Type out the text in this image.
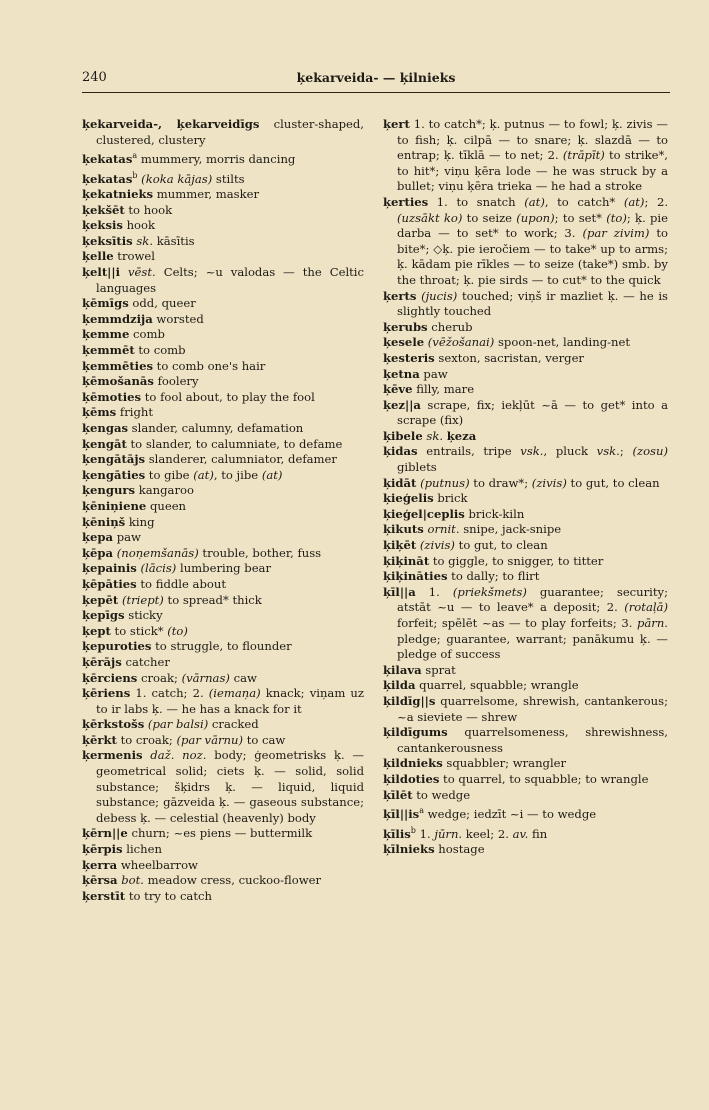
240	ķekarveida- — ķilnieks

ķekarveida-, ķekarveidīgs cluster-shaped, clustered, clustery

ķekatas$^a$ mummery, morris dancing

ķekatas$^b$ (koka kājas) stilts

ķekatnieks mummer, masker

ķekšēt to hook

ķeksis hook

ķeksītis sk. kāsītis

ķelle trowel

ķelt||i vēst. Celts; ~u valodas — the Celtic languages

ķēmīgs odd, queer

ķemmdzija worsted

ķemme comb

ķemmēt to comb

ķemmēties to comb one's hair

ķēmošanās foolery

ķēmoties to fool about, to play the fool

ķēms fright

ķengas slander, calumny, defamation

ķengāt to slander, to calumniate, to defame

ķengātājs slanderer, calumniator, defamer

ķengāties to gibe (at), to jibe (at)

ķengurs kangaroo

ķēniņiene queen

ķēniņš king

ķepa paw

ķēpa (noņemšanās) trouble, bother, fuss

ķepainis (lācis) lumbering bear

ķēpāties to fiddle about

ķepēt (triept) to spread* thick

ķepīgs sticky

ķept to stick* (to)

ķepuroties to struggle, to flounder

ķērājs catcher

ķērciens croak; (vārnas) caw

ķēriens 1. catch; 2. (iemaņa) knack; viņam uz to ir labs ķ. — he has a knack for it

ķērkstošs (par balsi) cracked

ķērkt to croak; (par vārnu) to caw

ķermenis daž. noz. body; ģeometrisks ķ. — geometrical solid; ciets ķ. — solid, solid substance; šķidrs ķ. — liquid, liquid substance; gāzveida ķ. — gaseous substance; debess ķ. — celestial (heavenly) body

ķērn||e churn; ~es piens — buttermilk

ķērpis lichen

ķerra wheelbarrow

ķērsa bot. meadow cress, cuckoo-flower

ķerstīt to try to catch

ķert 1. to catch*; ķ. putnus — to fowl; ķ. zivis — to fish; ķ. cilpā — to snare; ķ. slazdā — to entrap; ķ. tīklā — to net; 2. (trāpīt) to strike*, to hit*; viņu ķēra lode — he was struck by a bullet; viņu ķēra trieka — he had a stroke

ķerties 1. to snatch (at), to catch* (at); 2. (uzsākt ko) to seize (upon); to set* (to); ķ. pie darba — to set* to work; 3. (par zivim) to bite*; ◇ķ. pie ieročiem — to take* up to arms; ķ. kādam pie rīkles — to seize (take*) smb. by the throat; ķ. pie sirds — to cut* to the quick

ķerts (jucis) touched; viņš ir mazliet ķ. — he is slightly touched

ķerubs cherub

ķesele (vēžošanai) spoon-net, landing-net

ķesteris sexton, sacristan, verger

ķetna paw

ķēve filly, mare

ķez||a scrape, fix; iekļūt ~ā — to get* into a scrape (fix)

ķibele sk. ķeza

ķidas entrails, tripe vsk., pluck vsk.; (zosu) giblets

ķidāt (putnus) to draw*; (zivis) to gut, to clean

ķieģelis brick

ķieģel|ceplis brick-kiln

ķikuts ornit. snipe, jack-snipe

ķiķēt (zivis) to gut, to clean

ķiķināt to giggle, to snigger, to titter

ķiķināties to dally; to flirt

ķīl||a 1. (priekšmets) guarantee; security; atstāt ~u — to leave* a deposit; 2. (rotaļā) forfeit; spēlēt ~as — to play forfeits; 3. pārn. pledge; guarantee, warrant; panākumu ķ. — pledge of success

ķilava sprat

ķilda quarrel, squabble; wrangle

ķildīg||s quarrelsome, shrewish, cantankerous; ~a sieviete — shrew

ķildīgums quarrelsomeness, shrewishness, cantankerousness

ķildnieks squabbler; wrangler

ķildoties to quarrel, to squabble; to wrangle

ķīlēt to wedge

$ķīl||is^a$ wedge; iedzīt ~i — to wedge

ķīlis$^b$ 1. jūrn. keel; 2. av. fin

ķīlnieks hostage
